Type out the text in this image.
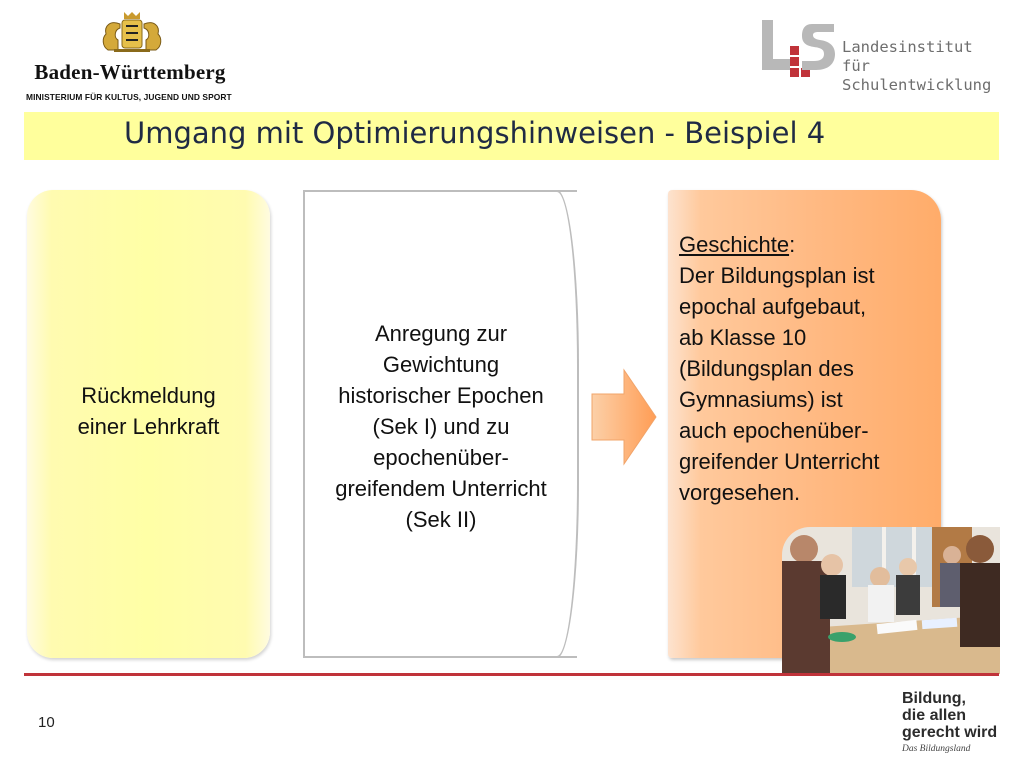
Baden-Württemberg
MINISTERIUM FÜR KULTUS, JUGEND UND SPORT
Landesinstitut
für Schulentwicklung
Umgang mit Optimierungshinweisen - Beispiel 4
Rückmeldung
einer Lehrkraft
Anregung zur
Gewichtung
historischer Epochen
(Sek I) und zu
epochenüber-
greifendem Unterricht
(Sek II)
Geschichte:
Der Bildungsplan ist
epochal aufgebaut,
ab Klasse 10
(Bildungsplan des
Gymnasiums) ist
auch epochenüber-
greifender Unterricht
vorgesehen.
10
Bildung,
die allen
gerecht wird
Das Bildungsland
